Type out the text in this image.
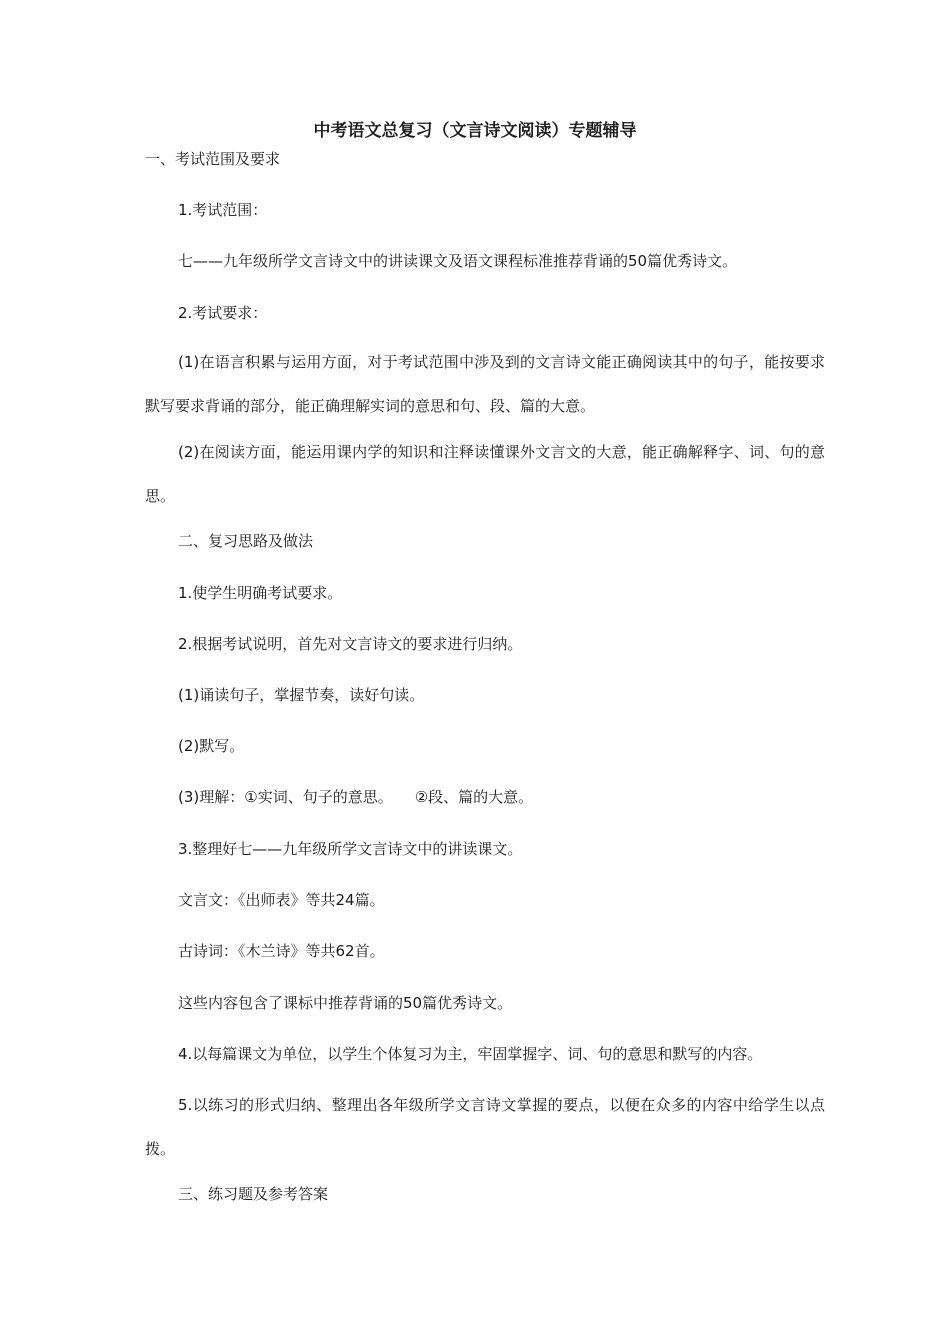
中考语文总复习（文言诗文阅读）专题辅导
一、考试范围及要求
1.考试范围：
七——九年级所学文言诗文中的讲读课文及语文课程标准推荐背诵的50篇优秀诗文。
2.考试要求：
(1)在语言积累与运用方面，对于考试范围中涉及到的文言诗文能正确阅读其中的句子，能按要求默写要求背诵的部分，能正确理解实词的意思和句、段、篇的大意。
(2)在阅读方面，能运用课内学的知识和注释读懂课外文言文的大意，能正确解释字、词、句的意思。
二、复习思路及做法
1.使学生明确考试要求。
2.根据考试说明，首先对文言诗文的要求进行归纳。
(1)诵读句子，掌握节奏，读好句读。
(2)默写。
(3)理解：①实词、句子的意思。 ②段、篇的大意。
3.整理好七——九年级所学文言诗文中的讲读课文。
文言文：《出师表》等共24篇。
古诗词：《木兰诗》等共62首。
这些内容包含了课标中推荐背诵的50篇优秀诗文。
4.以每篇课文为单位，以学生个体复习为主，牢固掌握字、词、句的意思和默写的内容。
5.以练习的形式归纳、整理出各年级所学文言诗文掌握的要点，以便在众多的内容中给学生以点拨。
三、练习题及参考答案
